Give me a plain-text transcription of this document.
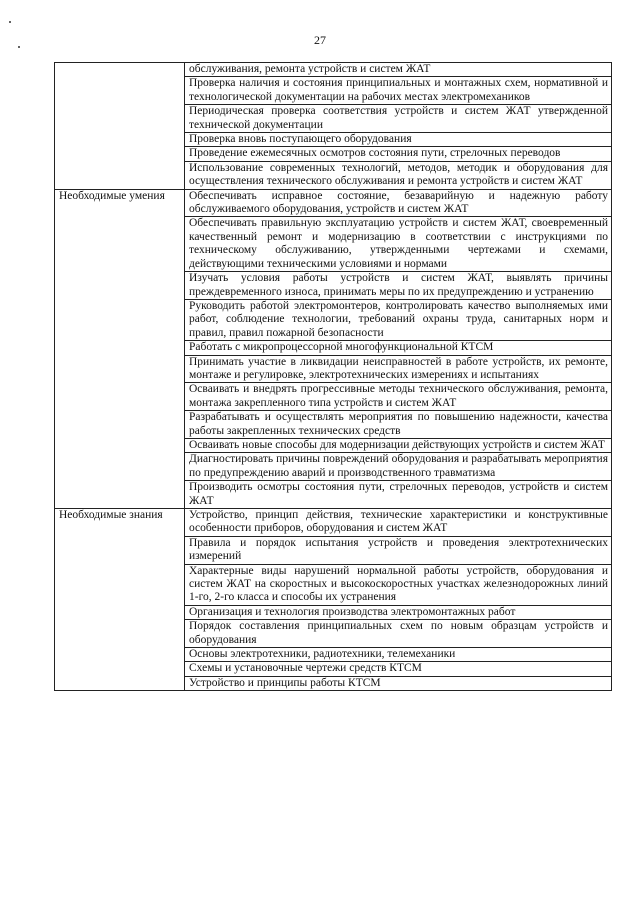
27
	обслуживания, ремонта устройств и систем ЖАТ
	Проверка наличия и состояния принципиальных и монтажных схем, нормативной и технологической документации на рабочих местах электромехаников
	Периодическая проверка соответствия устройств и систем ЖАТ утвержденной технической документации
	Проверка вновь поступающего оборудования
	Проведение ежемесячных осмотров состояния пути, стрелочных переводов
	Использование современных технологий, методов, методик и оборудования для осуществления технического обслуживания и ремонта устройств и систем ЖАТ
Необходимые умения	Обеспечивать исправное состояние, безаварийную и надежную работу обслуживаемого оборудования, устройств и систем ЖАТ
	Обеспечивать правильную эксплуатацию устройств и систем ЖАТ, своевременный качественный ремонт и модернизацию в соответствии с инструкциями по техническому обслуживанию, утвержденными чертежами и схемами, действующими техническими условиями и нормами
	Изучать условия работы устройств и систем ЖАТ, выявлять причины преждевременного износа, принимать меры по их предупреждению и устранению
	Руководить работой электромонтеров, контролировать качество выполняемых ими работ, соблюдение технологии, требований охраны труда, санитарных норм и правил, правил пожарной безопасности
	Работать с микропроцессорной многофункциональной КТСМ
	Принимать участие в ликвидации неисправностей в работе устройств, их ремонте, монтаже и регулировке, электротехнических измерениях и испытаниях
	Осваивать и внедрять прогрессивные методы технического обслуживания, ремонта, монтажа закрепленного типа устройств и систем ЖАТ
	Разрабатывать и осуществлять мероприятия по повышению надежности, качества работы закрепленных технических средств
	Осваивать новые способы для модернизации действующих устройств и систем ЖАТ
	Диагностировать причины повреждений оборудования и разрабатывать мероприятия по предупреждению аварий и производственного травматизма
	Производить осмотры состояния пути, стрелочных переводов, устройств и систем ЖАТ
Необходимые знания	Устройство, принцип действия, технические характеристики и конструктивные особенности приборов, оборудования и систем ЖАТ
	Правила и порядок испытания устройств и проведения электротехнических измерений
	Характерные виды нарушений нормальной работы устройств, оборудования и систем ЖАТ на скоростных и высокоскоростных участках железнодорожных линий 1-го, 2-го класса и способы их устранения
	Организация и технология производства электромонтажных работ
	Порядок составления принципиальных схем по новым образцам устройств и оборудования
	Основы электротехники, радиотехники, телемеханики
	Схемы и установочные чертежи средств КТСМ
	Устройство и принципы работы КТСМ
